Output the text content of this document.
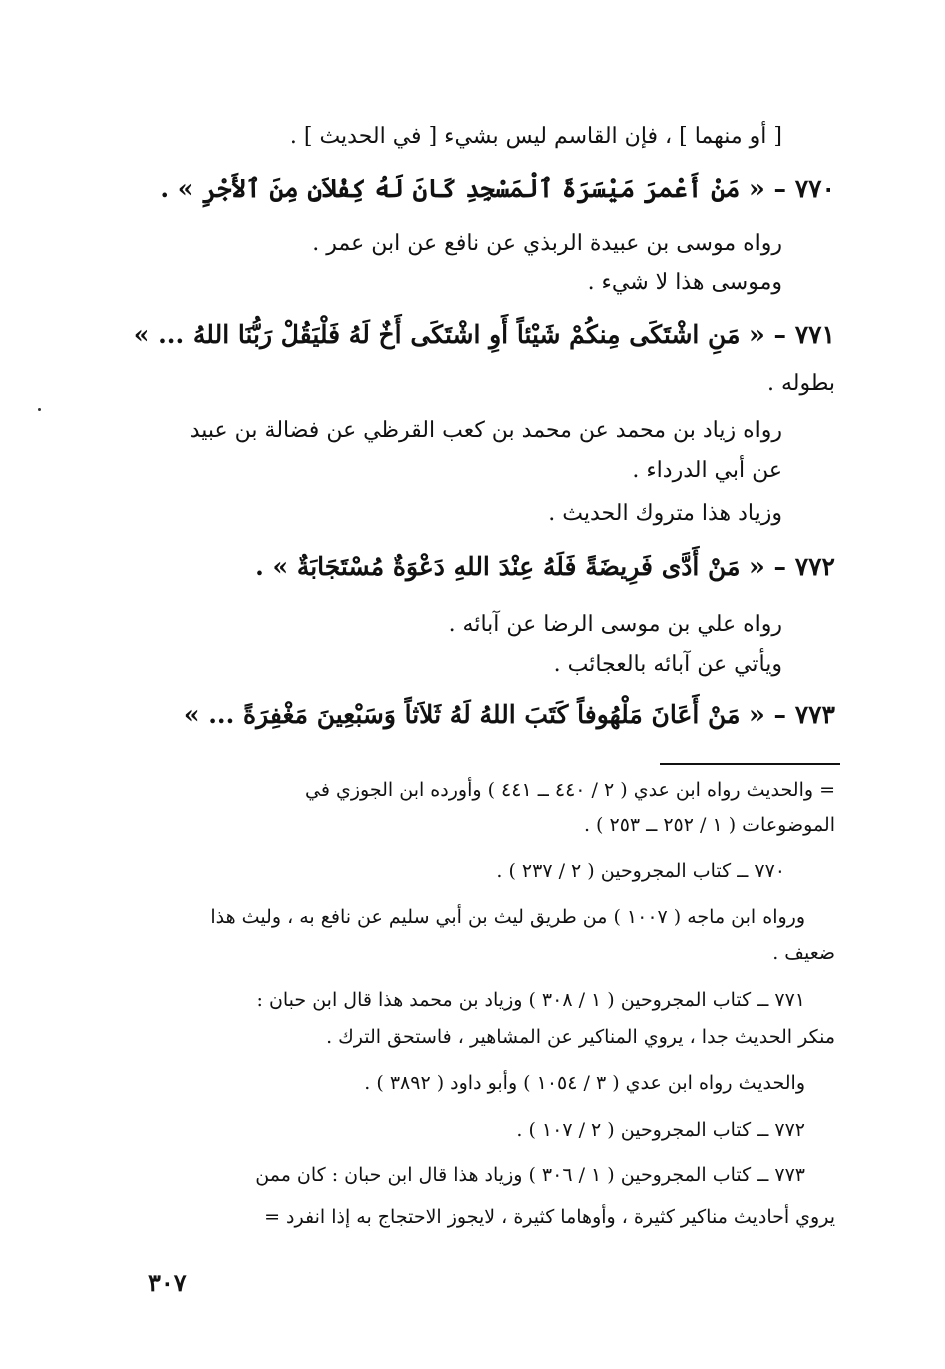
[ أو منهما ] ، فإن القاسم ليس بشيء [ في الحديث ] .
٧٧٠ – « مَنْ أَعْمرَ مَيْسَرَةَ ٱلْمَسْجِدِ كَانَ لَهُ كِفْلاَنِ مِنَ ٱلأَجْرِ » .
رواه موسى بن عبيدة الربذي عن نافع عن ابن عمر .
وموسى هذا لا شيء .
٧٧١ – « مَنِ اشْتَكَى مِنكُمْ شَيْئاً أَوِ اشْتَكَى أَخٌ لَهُ فَلْيَقُلْ رَبُّنَا اللهُ ... »
بطوله .
رواه زياد بن محمد عن محمد بن كعب القرظي عن فضالة بن عبيد
عن أبي الدرداء .
وزياد هذا متروك الحديث .
٧٧٢ – « مَنْ أَدَّى فَرِيضَةً فَلَهُ عِنْدَ اللهِ دَعْوَةٌ مُسْتَجَابَةٌ » .
رواه علي بن موسى الرضا عن آبائه .
ويأتي عن آبائه بالعجائب .
٧٧٣ – « مَنْ أَعَانَ مَلْهُوفاً كَتَبَ اللهُ لَهُ ثَلاَثاً وَسَبْعِينَ مَغْفِرَةً ... »
= والحديث رواه ابن عدي ( ٢ / ٤٤٠ ــ ٤٤١ ) وأورده ابن الجوزي في
الموضوعات ( ١ / ٢٥٢ ــ ٢٥٣ ) .
٧٧٠ ــ كتاب المجروحين ( ٢ / ٢٣٧ ) .
ورواه ابن ماجه ( ١٠٠٧ ) من طريق ليث بن أبي سليم عن نافع به ، وليث هذا
ضعيف .
٧٧١ ــ كتاب المجروحين ( ١ / ٣٠٨ ) وزياد بن محمد هذا قال ابن حبان :
منكر الحديث جدا ، يروي المناكير عن المشاهير ، فاستحق الترك .
والحديث رواه ابن عدي ( ٣ / ١٠٥٤ ) وأبو داود ( ٣٨٩٢ ) .
٧٧٢ ــ كتاب المجروحين ( ٢ / ١٠٧ ) .
٧٧٣ ــ كتاب المجروحين ( ١ / ٣٠٦ ) وزياد هذا قال ابن حبان : كان ممن
يروي أحاديث مناكير كثيرة ، وأوهاما كثيرة ، لايجوز الاحتجاج به إذا انفرد =
٣٠٧
